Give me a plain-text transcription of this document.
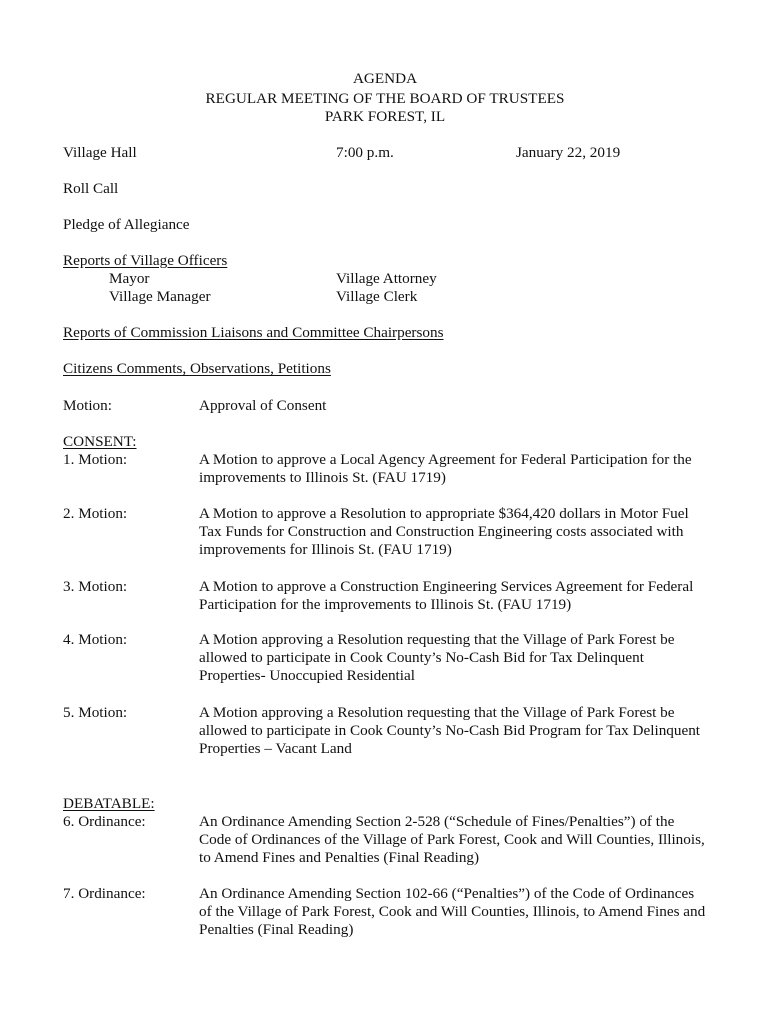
AGENDA
REGULAR MEETING OF THE BOARD OF TRUSTEES
PARK FOREST, IL
Village Hall	7:00 p.m.	January 22, 2019
Roll Call
Pledge of Allegiance
Reports of Village Officers
Mayor	Village Attorney
Village Manager	Village Clerk
Reports of Commission Liaisons and Committee Chairpersons
Citizens Comments, Observations, Petitions
Motion:	Approval of Consent
CONSENT:
1. Motion:	A Motion to approve a Local Agency Agreement for Federal Participation for the
improvements to Illinois St. (FAU 1719)
2. Motion:	A Motion to approve a Resolution to appropriate $364,420 dollars in Motor Fuel
Tax Funds for Construction and Construction Engineering costs associated with
improvements for Illinois St. (FAU 1719)
3. Motion:	A Motion to approve a Construction Engineering Services Agreement for Federal
Participation for the improvements to Illinois St. (FAU 1719)
4. Motion:	A Motion approving a Resolution requesting that the Village of Park Forest be
allowed to participate in Cook County’s No-Cash Bid for Tax Delinquent
Properties- Unoccupied Residential
5. Motion:	A Motion approving a Resolution requesting that the Village of Park Forest be
allowed to participate in Cook County’s No-Cash Bid Program for Tax Delinquent
Properties – Vacant Land
DEBATABLE:
6. Ordinance:	An Ordinance Amending Section 2-528 (“Schedule of Fines/Penalties”) of the
Code of Ordinances of the Village of Park Forest, Cook and Will Counties, Illinois,
to Amend Fines and Penalties (Final Reading)
7. Ordinance:	An Ordinance Amending Section 102-66 (“Penalties”) of the Code of Ordinances
of the Village of Park Forest, Cook and Will Counties, Illinois, to Amend Fines and
Penalties (Final Reading)
